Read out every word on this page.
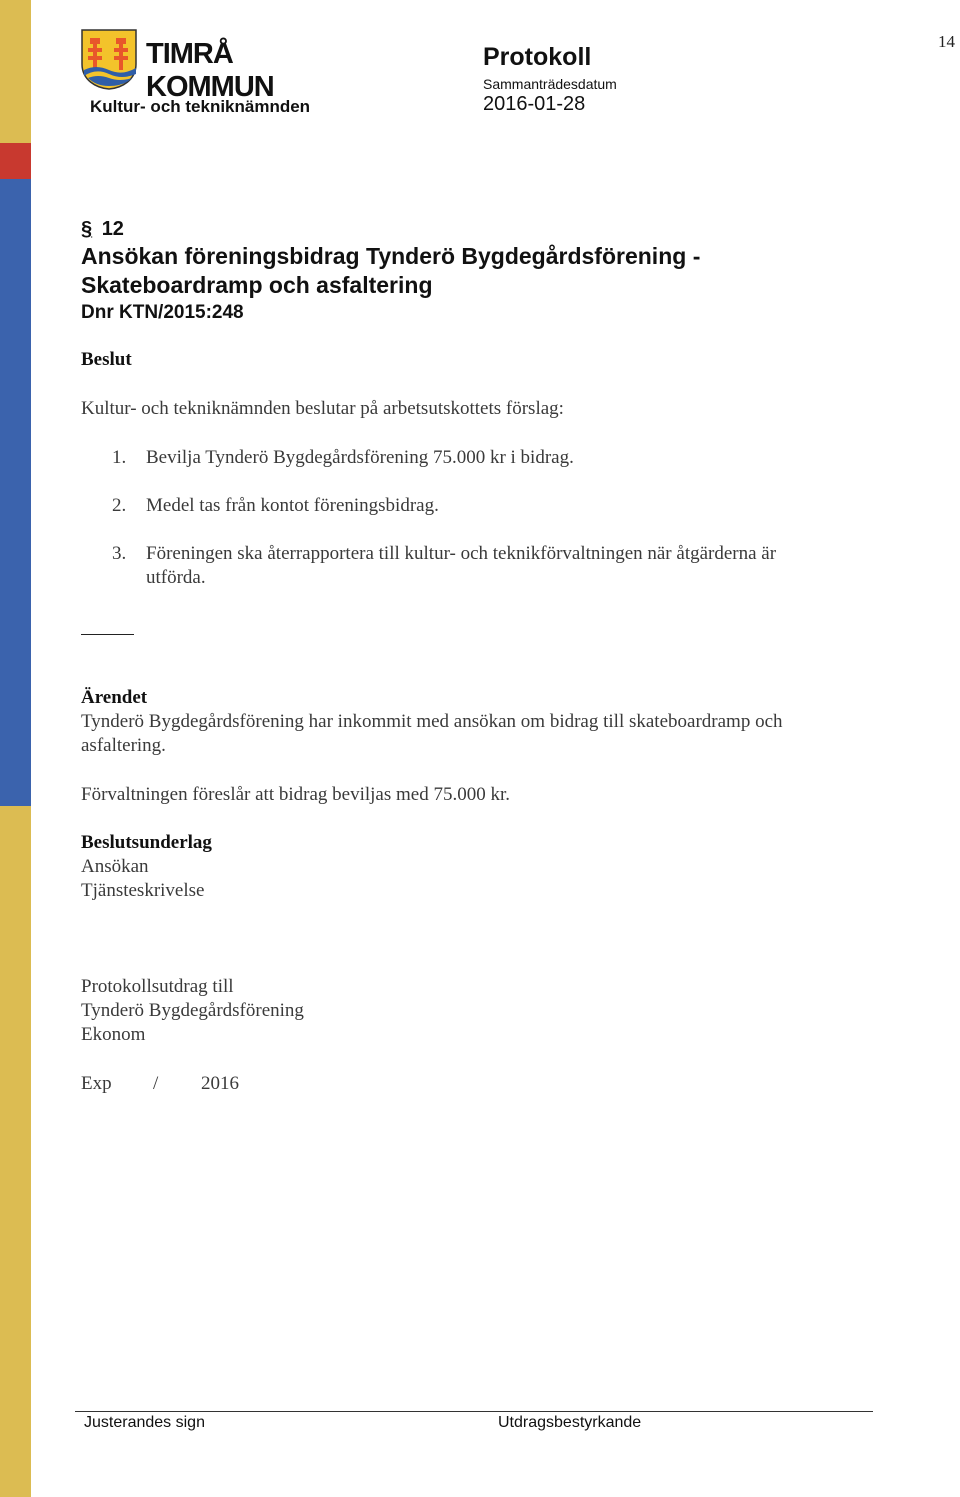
TIMRÅ KOMMUN
Kultur- och tekniknämnden
Protokoll
Sammanträdesdatum
2016-01-28
14
§ 12
Ansökan föreningsbidrag Tynderö Bygdegårdsförening -
Skateboardramp och asfaltering
Dnr KTN/2015:248
Beslut
Kultur- och tekniknämnden beslutar på arbetsutskottets förslag:
1. Bevilja Tynderö Bygdegårdsförening 75.000 kr i bidrag.
2. Medel tas från kontot föreningsbidrag.
3. Föreningen ska återrapportera till kultur- och teknikförvaltningen när åtgärderna är
utförda.
Ärendet
Tynderö Bygdegårdsförening har inkommit med ansökan om bidrag till skateboardramp och
asfaltering.
Förvaltningen föreslår att bidrag beviljas med 75.000 kr.
Beslutsunderlag
Ansökan
Tjänsteskrivelse
Protokollsutdrag till
Tynderö Bygdegårdsförening
Ekonom
Exp / 2016
Justerandes sign	Utdragsbestyrkande
